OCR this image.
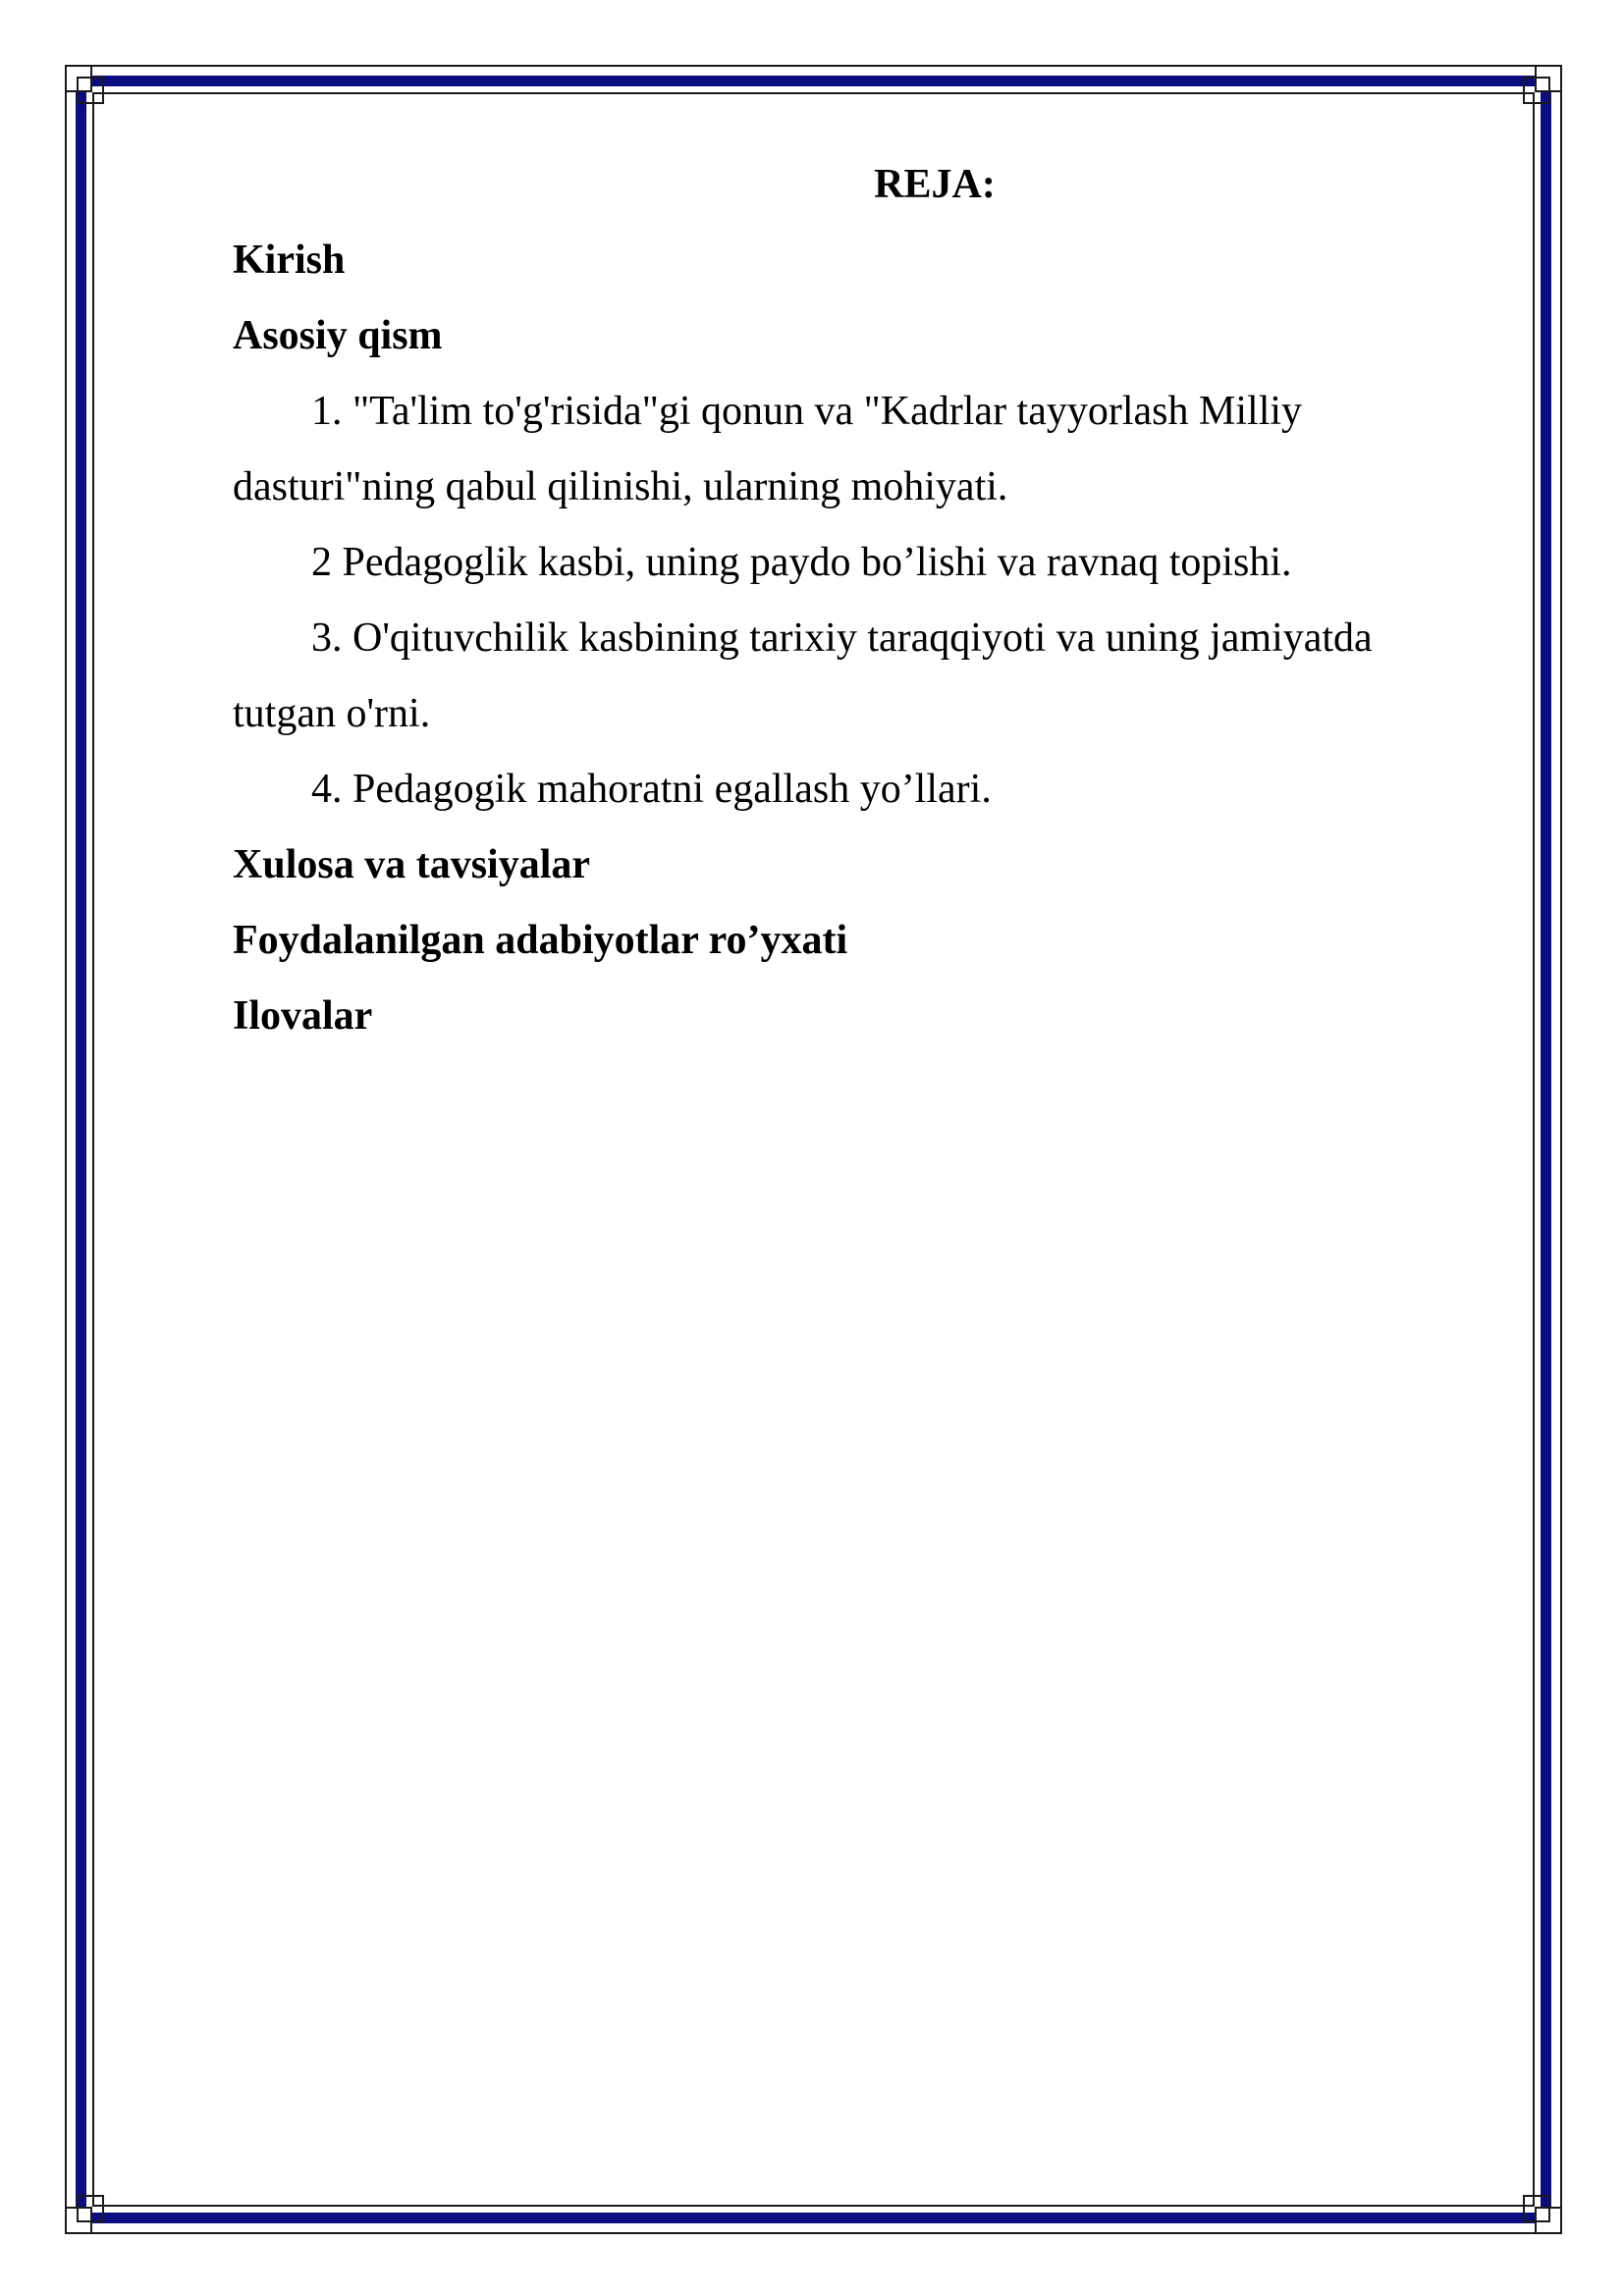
REJA:

Kirish

Asosiy qism

1. "Ta'lim to'g'risida"gi qonun va "Kadrlar tayyorlash Milliy dasturi"ning qabul qilinishi, ularning mohiyati.

2 Pedagoglik kasbi, uning paydo bo’lishi va ravnaq topishi.

3. O'qituvchilik kasbining tarixiy taraqqiyoti va uning jamiyatda tutgan o'rni.

4. Pedagogik mahoratni egallash yo’llari.

Xulosa va tavsiyalar

Foydalanilgan adabiyotlar ro’yxati

Ilovalar
